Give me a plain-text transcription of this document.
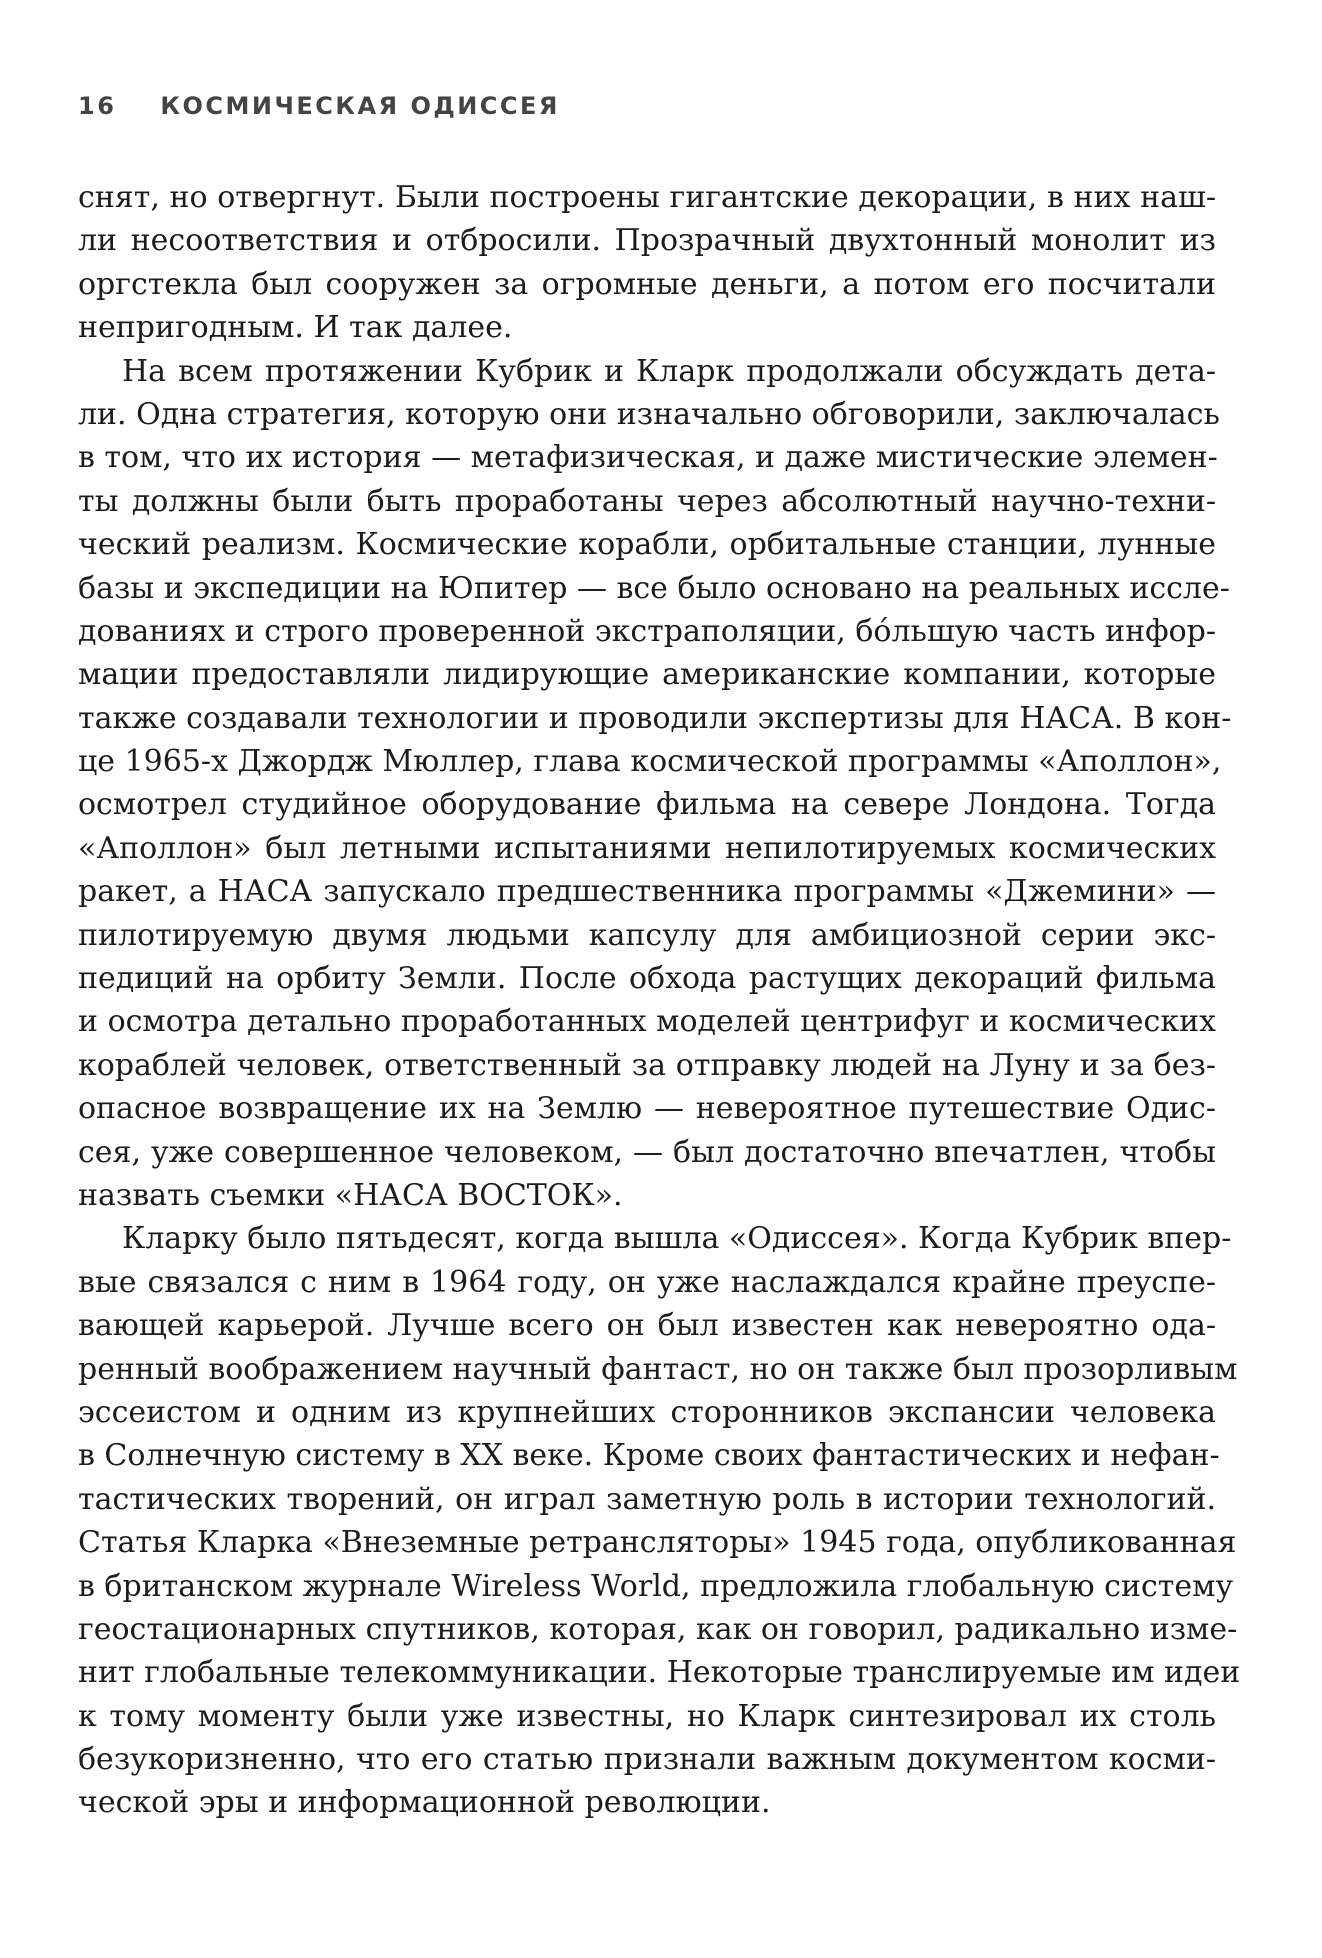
16 КОСМИЧЕСКАЯ ОДИССЕЯ
снят, но отвергнут. Были построены гигантские декорации, в них наш-
ли несоответствия и отбросили. Прозрачный двухтонный монолит из
оргстекла был сооружен за огромные деньги, а потом его посчитали
непригодным. И так далее.
На всем протяжении Кубрик и Кларк продолжали обсуждать дета-
ли. Одна стратегия, которую они изначально обговорили, заключалась
в том, что их история — метафизическая, и даже мистические элемен-
ты должны были быть проработаны через абсолютный научно-техни-
ческий реализм. Космические корабли, орбитальные станции, лунные
базы и экспедиции на Юпитер — все было основано на реальных иссле-
дованиях и строго проверенной экстраполяции, бóльшую часть инфор-
мации предоставляли лидирующие американские компании, которые
также создавали технологии и проводили экспертизы для НАСА. В кон-
це 1965-х Джордж Мюллер, глава космической программы «Аполлон»,
осмотрел студийное оборудование фильма на севере Лондона. Тогда
«Аполлон» был летными испытаниями непилотируемых космических
ракет, а НАСА запускало предшественника программы «Джемини» —
пилотируемую двумя людьми капсулу для амбициозной серии экс-
педиций на орбиту Земли. После обхода растущих декораций фильма
и осмотра детально проработанных моделей центрифуг и космических
кораблей человек, ответственный за отправку людей на Луну и за без-
опасное возвращение их на Землю — невероятное путешествие Одис-
сея, уже совершенное человеком, — был достаточно впечатлен, чтобы
назвать съемки «НАСА ВОСТОК».
Кларку было пятьдесят, когда вышла «Одиссея». Когда Кубрик впер-
вые связался с ним в 1964 году, он уже наслаждался крайне преуспе-
вающей карьерой. Лучше всего он был известен как невероятно ода-
ренный воображением научный фантаст, но он также был прозорливым
эссеистом и одним из крупнейших сторонников экспансии человека
в Солнечную систему в XX веке. Кроме своих фантастических и нефан-
тастических творений, он играл заметную роль в истории технологий.
Статья Кларка «Внеземные ретрансляторы» 1945 года, опубликованная
в британском журнале Wireless World, предложила глобальную систему
геостационарных спутников, которая, как он говорил, радикально изме-
нит глобальные телекоммуникации. Некоторые транслируемые им идеи
к тому моменту были уже известны, но Кларк синтезировал их столь
безукоризненно, что его статью признали важным документом косми-
ческой эры и информационной революции.
